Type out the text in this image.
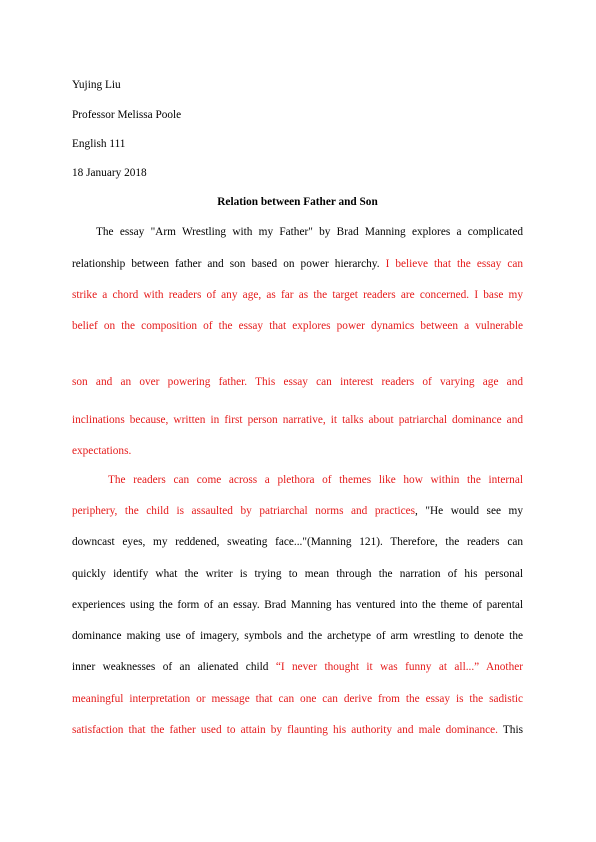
Yujing Liu
Professor Melissa Poole
English 111
18 January 2018
Relation between Father and Son
The essay "Arm Wrestling with my Father" by Brad Manning explores a complicated
relationship between father and son based on power hierarchy. I believe that the essay can
strike a chord with readers of any age, as far as the target readers are concerned. I base my
belief on the composition of the essay that explores power dynamics between a vulnerable
son and an over powering father. This essay can interest readers of varying age and
inclinations because, written in first person narrative, it talks about patriarchal dominance and
expectations.
The readers can come across a plethora of themes like how within the internal
periphery, the child is assaulted by patriarchal norms and practices, "He would see my
downcast eyes, my reddened, sweating face..."(Manning 121). Therefore, the readers can
quickly identify what the writer is trying to mean through the narration of his personal
experiences using the form of an essay. Brad Manning has ventured into the theme of parental
dominance making use of imagery, symbols and the archetype of arm wrestling to denote the
inner weaknesses of an alienated child “I never thought it was funny at all...” Another
meaningful interpretation or message that can one can derive from the essay is the sadistic
satisfaction that the father used to attain by flaunting his authority and male dominance. This
